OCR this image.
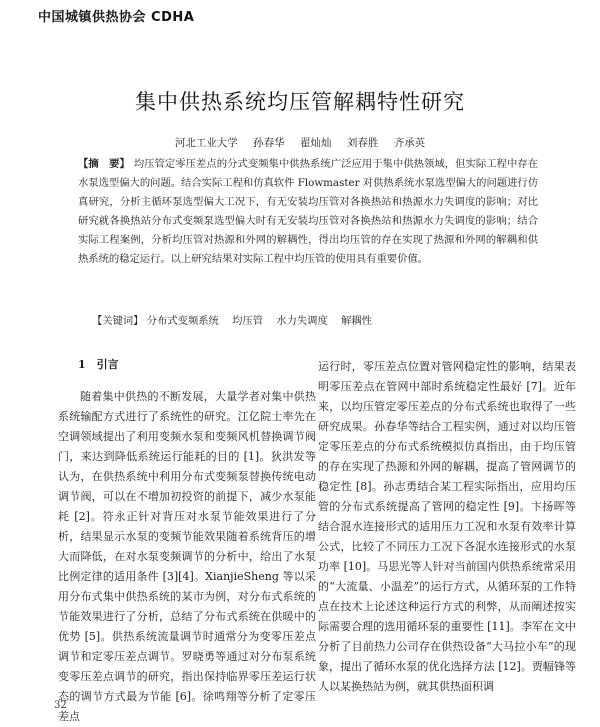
中国城镇供热协会 CDHA
集中供热系统均压管解耦特性研究
河北工业大学 孙春华 翟灿灿 刘春胜 齐承英
【摘　要】 均压管定零压差点的分式变频集中供热系统广泛应用于集中供热领域，但实际工程中存在水泵选型偏大的问题。结合实际工程和仿真软件 Flowmaster 对供热系统水泵选型偏大的问题进行仿真研究，分析主循环泵选型偏大工况下，有无安装均压管对各换热站和热源水力失调度的影响；对比研究就各换热站分布式变频泵选型偏大时有无安装均压管对各换热站和热源水力失调度的影响；结合实际工程案例，分析均压管对热源和外网的解耦性，得出均压管的存在实现了热源和外网的解耦和供热系统的稳定运行。以上研究结果对实际工程中均压管的使用具有重要价值。
【关键词】 分布式变频系统 均压管 水力失调度 解耦性
1　引言

随着集中供热的不断发展，大量学者对集中供热系统输配方式进行了系统性的研究。江亿院士率先在空调领域提出了利用变频水泵和变频风机替换调节阀门，来达到降低系统运行能耗的目的 [1]。狄洪发等认为，在供热系统中利用分布式变频泵替换传统电动调节阀，可以在不增加初投资的前提下，减少水泵能耗 [2]。符永正针对背压对水泵节能效果进行了分析，结果显示水泵的变频节能效果随着系统背压的增大而降低，在对水泵变频调节的分析中，给出了水泵比例定律的适用条件 [3][4]。XianjieSheng 等以采用分布式集中供热系统的某市为例，对分布式系统的节能效果进行了分析，总结了分布式系统在供暖中的优势 [5]。供热系统流量调节时通常分为变零压差点调节和定零压差点调节。罗晓勇等通过对分布泵系统变零压差点调节的研究，指出保持临界零压差运行状态的调节方式最为节能 [6]。徐鸣翔等分析了定零压差点

运行时，零压差点位置对管网稳定性的影响，结果表明零压差点在管网中部时系统稳定性最好 [7]。近年来，以均压管定零压差点的分布式系统也取得了一些研究成果。孙春华等结合工程实例，通过对以均压管定零压差点的分布式系统模拟仿真指出，由于均压管的存在实现了热源和外网的解耦，提高了管网调节的稳定性 [8]。孙志勇结合某工程实际指出，应用均压管的分布式系统提高了管网的稳定性 [9]。卞扬晖等结合混水连接形式的适用压力工况和水泵有效率计算公式，比较了不同压力工况下各混水连接形式的水泵功率 [10]。马思光等人针对当前国内供热系统常采用的“大流量、小温差”的运行方式，从循环泵的工作特点在技术上论述这种运行方式的利弊，从而阐述按实际需要合理的选用循环泵的重要性 [11]。李军在文中分析了目前热力公司存在供热设备“大马拉小车”的现象，提出了循环水泵的优化选择方法 [12]。贾幅锋等人以某换热站为例，就其供热面积调

32
